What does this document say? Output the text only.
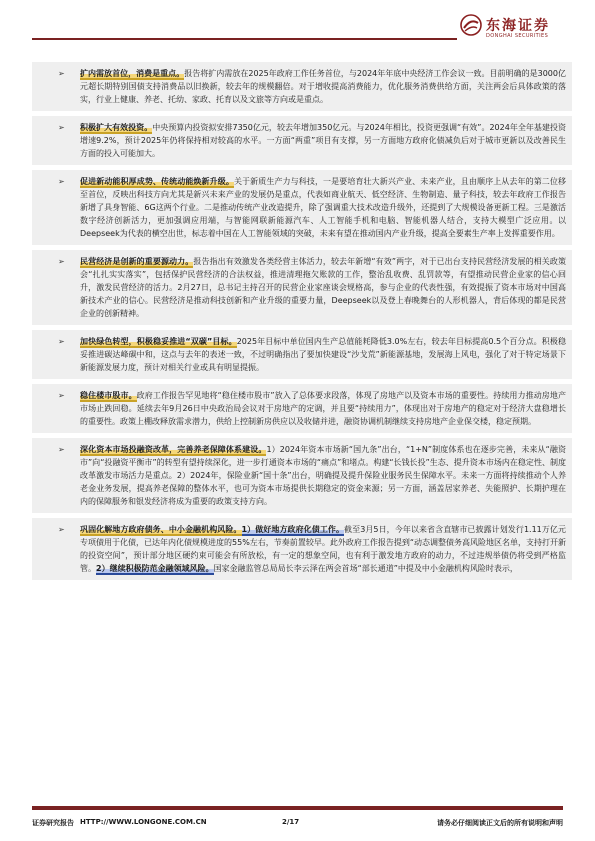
东海证券
DONGHAI SECURITIES
➢ 扩内需放首位，消费是重点。报告将扩内需放在2025年政府工作任务首位，与2024年年底中央经济工作会议一致。目前明确的是3000亿元超长期特别国债支持消费品以旧换新，较去年的规模翻倍。对于增收提高消费能力，优化服务消费供给方面，关注两会后具体政策的落实，行业上健康、养老、托幼、家政、托育以及文旅等方向或是重点。
➢ 积极扩大有效投资。中央预算内投资拟安排7350亿元，较去年增加350亿元。与2024年相比，投资更强调“有效”。2024年全年基建投资增速9.2%，预计2025年仍将保持相对较高的水平。一方面“两重”项目有支撑，另一方面地方政府化债减负后对于城市更新以及改善民生方面的投入可能加大。
➢ 促进新动能积厚成势、传统动能焕新升级。关于新质生产力与科技，一是要培育壮大新兴产业、未来产业，且由顺序上从去年的第二位移至首位，反映出科技方向尤其是新兴未来产业的发展仍是重点，代表如商业航天、低空经济、生物制造、量子科技，较去年政府工作报告新增了具身智能、6G这两个行业。二是推动传统产业改造提升，除了强调重大技术改造升级外，还提到了大规模设备更新工程。三是激活数字经济创新活力，更加强调应用端，与智能网联新能源汽车、人工智能手机和电脑、智能机器人结合，支持大模型广泛应用。以Deepseek为代表的横空出世，标志着中国在人工智能领域的突破，未来有望在推动国内产业升级，提高全要素生产率上发挥重要作用。
➢ 民营经济是创新的重要源动力。报告指出有效激发各类经营主体活力，较去年新增“有效”两字，对于已出台支持民营经济发展的相关政策会“扎扎实实落实”，包括保护民营经济的合法权益，推进清理拖欠账款的工作，整治乱收费、乱罚款等，有望推动民营企业家的信心回升，激发民营经济的活力。2月27日，总书记主持召开的民营企业家座谈会规格高，参与企业的代表性强，有效提振了资本市场对中国高新技术产业的信心。民营经济是推动科技创新和产业升级的重要力量，Deepseek以及登上春晚舞台的人形机器人，背后体现的都是民营企业的创新精神。
➢ 加快绿色转型，积极稳妥推进“双碳”目标。2025年目标中单位国内生产总值能耗降低3.0%左右，较去年目标提高0.5个百分点。积极稳妥推进碳达峰碳中和，这点与去年的表述一致，不过明确指出了要加快建设“沙戈荒”新能源基地，发展海上风电，强化了对于特定场景下新能源发展力度，预计对相关行业或具有明显提振。
➢ 稳住楼市股市。政府工作报告罕见地将“稳住楼市股市”放入了总体要求段落，体现了房地产以及资本市场的重要性。持续用力推动房地产市场止跌回稳。延续去年9月26日中央政治局会议对于房地产的定调，并且要“持续用力”，体现出对于房地产的稳定对于经济大盘稳增长的重要性。政策上棚改释放需求潜力，供给上控制新房供应以及收储并进，融资协调机制继续支持房地产企业保交楼，稳定预期。
➢ 深化资本市场投融资改革，完善养老保障体系建设。1）2024年资本市场新“国九条”出台，“1+N”制度体系也在逐步完善，未来从“融资市”向“投融资平衡市”的转型有望持续深化，进一步打通资本市场的“痛点”和堵点。构建“长钱长投”生态、提升资本市场内在稳定性、制度改革激发市场活力是重点。2）2024年，保险业新“国十条”出台，明确提及提升保险业服务民生保障水平。未来一方面将持续推动个人养老金业务发展，提高养老保障的整体水平，也可为资本市场提供长期稳定的资金来源；另一方面，涵盖居家养老、失能照护、长期护理在内的保障服务和银发经济将成为重要的政策支持方向。
➢ 巩固化解地方政府债务、中小金融机构风险。1）做好地方政府化债工作。截至3月5日，今年以来省含直辖市已披露计划发行1.11万亿元专项债用于化债，已达年内化债规模进度的55%左右，节奏前置较早。此外政府工作报告提到“动态调整债务高风险地区名单，支持打开新的投资空间”，预计部分地区硬约束可能会有所放松，有一定的想象空间，也有利于激发地方政府的动力，不过违规举债仍将受到严格监管。2）继续积极防范金融领域风险。国家金融监管总局局长李云泽在两会首场“部长通道”中提及中小金融机构风险时表示，
证券研究报告 HTTP://WWW.LONGONE.COM.CN	2/17	请务必仔细阅读正文后的所有说明和声明
